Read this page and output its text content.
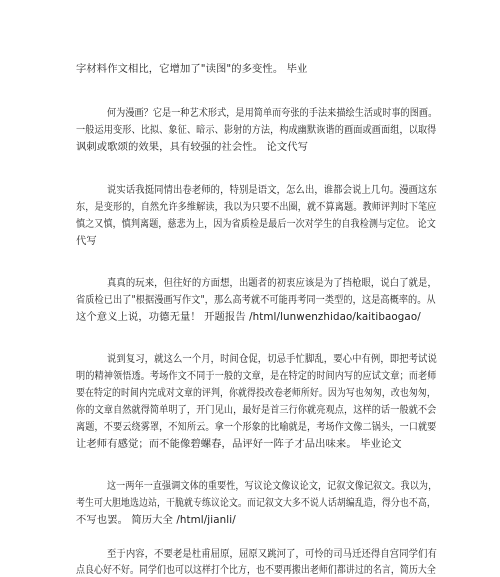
字材料作文相比，它增加了"读图"的多变性。 毕业
何为漫画？它是一种艺术形式，是用简单而夸张的手法来描绘生活或时事的图画。
一般运用变形、比拟、象征、暗示、影射的方法，构成幽默诙谐的画面或画面组，以取得
讽刺或歌颂的效果，具有较强的社会性。 论文代写
说实话我挺同情出卷老师的，特别是语文，怎么出，谁都会说上几句。漫画这东
东，是变形的，自然允许多维解读，我以为只要不出圈，就不算离题。教师评判时下笔应
慎之又慎，慎判离题，慈悲为上，因为省质检是最后一次对学生的自我检测与定位。 论文
代写
真真的玩来，但往好的方面想，出题者的初衷应该是为了挡枪眼，说白了就是，
省质检已出了"根据漫画写作文"，那么高考就不可能再考同一类型的，这是高概率的。从
这个意义上说，功德无量！ 开题报告 /html/lunwenzhidao/kaitibaogao/
说到复习，就这么一个月，时间仓促，切忌手忙脚乱，要心中有例，即把考试说
明的精神领悟透。考场作文不同于一般的文章，是在特定的时间内写的应试文章；而老师
要在特定的时间内完成对文章的评判，你就得投改卷老师所好。因为写也匆匆，改也匆匆，
你的文章自然就得简单明了，开门见山，最好是首三行你就亮观点，这样的话一般就不会
离题，不要云绕雾罩，不知所云。拿一个形象的比喻就是，考场作文像二锅头，一口就要
让老师有感觉；而不能像碧螺春，品评好一阵子才品出味来。 毕业论文
这一两年一直强调文体的重要性，写议论文像议论文，记叙文像记叙文。我以为，
考生可大胆地选边站，干脆就专练议论文。而记叙文大多不说人话胡编乱造，得分也不高，
不写也罢。 简历大全 /html/jianli/
至于内容，不要老是杜甫屈原，屈原又跳河了，可怜的司马迁还得自宫同学们有
点良心好不好。同学们也可以这样打个比方，也不要再搬出老师们都讲过的名言，简历大全
